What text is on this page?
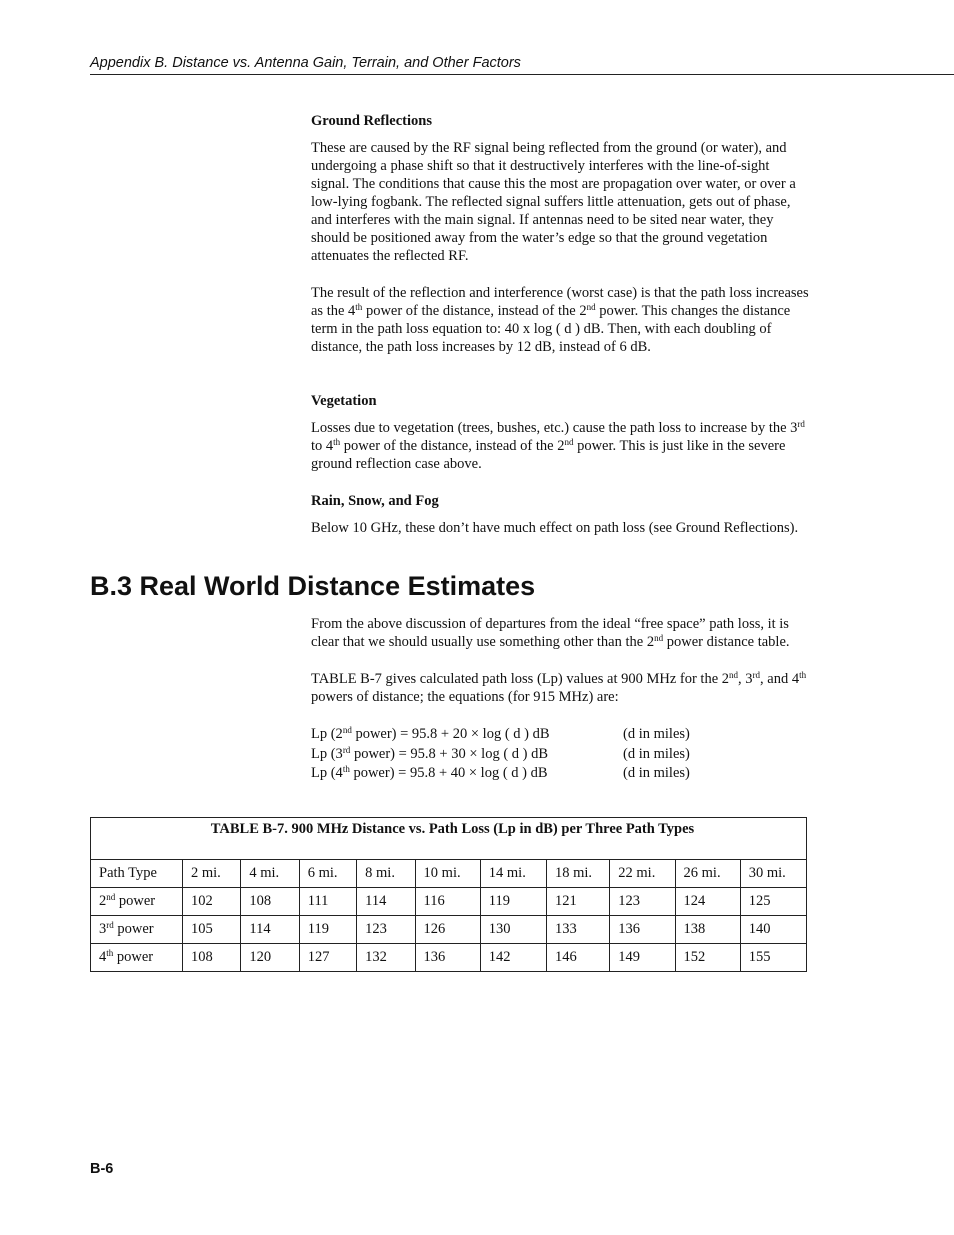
Appendix B. Distance vs. Antenna Gain, Terrain, and Other Factors

Ground Reflections

These are caused by the RF signal being reflected from the ground (or water), and undergoing a phase shift so that it destructively interferes with the line-of-sight signal. The conditions that cause this the most are propagation over water, or over a low-lying fogbank. The reflected signal suffers little attenuation, gets out of phase, and interferes with the main signal. If antennas need to be sited near water, they should be positioned away from the water’s edge so that the ground vegetation attenuates the reflected RF.

The result of the reflection and interference (worst case) is that the path loss increases as the 4th power of the distance, instead of the 2nd power. This changes the distance term in the path loss equation to: 40 x log ( d ) dB. Then, with each doubling of distance, the path loss increases by 12 dB, instead of 6 dB.

Vegetation

Losses due to vegetation (trees, bushes, etc.) cause the path loss to increase by the 3rd to 4th power of the distance, instead of the 2nd power. This is just like in the severe ground reflection case above.

Rain, Snow, and Fog

Below 10 GHz, these don’t have much effect on path loss (see Ground Reflections).

B.3 Real World Distance Estimates

From the above discussion of departures from the ideal “free space” path loss, it is clear that we should usually use something other than the 2nd power distance table.

TABLE B-7 gives calculated path loss (Lp) values at 900 MHz for the 2nd, 3rd, and 4th powers of distance; the equations (for 915 MHz) are:

Lp (2nd power) = 95.8 + 20 × log ( d ) dB	(d in miles)
Lp (3rd power) = 95.8 + 30 × log ( d ) dB	(d in miles)
Lp (4th power) = 95.8 + 40 × log ( d ) dB	(d in miles)
TABLE B-7. 900 MHz Distance vs. Path Loss (Lp in dB) per Three Path Types										
Path Type	2 mi.	4 mi.	6 mi.	8 mi.	10 mi.	14 mi.	18 mi.	22 mi.	26 mi.	30 mi.
2nd power	102	108	111	114	116	119	121	123	124	125
3rd power	105	114	119	123	126	130	133	136	138	140
4th power	108	120	127	132	136	142	146	149	152	155
B-6
